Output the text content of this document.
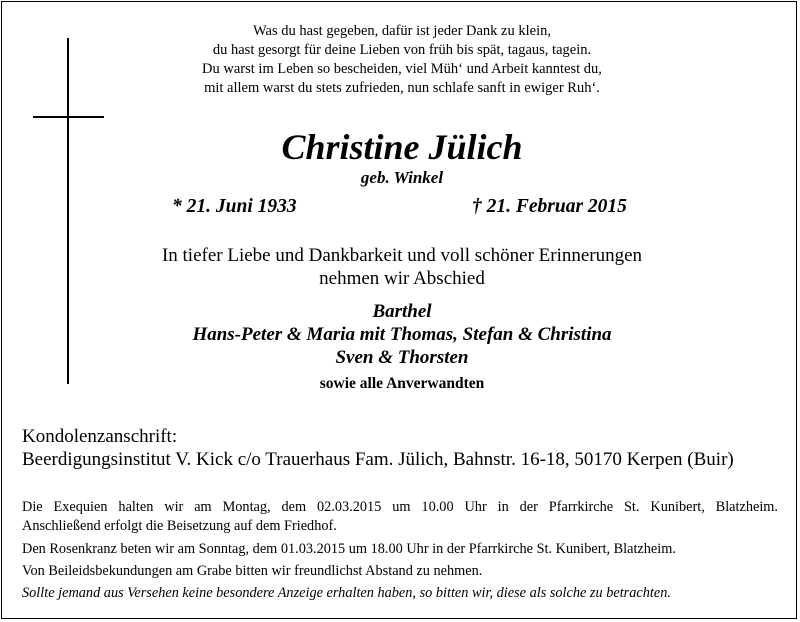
Was du hast gegeben, dafür ist jeder Dank zu klein,
du hast gesorgt für deine Lieben von früh bis spät, tagaus, tagein.
Du warst im Leben so bescheiden, viel Müh‘ und Arbeit kanntest du,
mit allem warst du stets zufrieden, nun schlafe sanft in ewiger Ruh‘.
Christine Jülich
geb. Winkel
* 21. Juni 1933	† 21. Februar 2015
In tiefer Liebe und Dankbarkeit und voll schöner Erinnerungen
nehmen wir Abschied
Barthel
Hans-Peter & Maria mit Thomas, Stefan & Christina
Sven & Thorsten
sowie alle Anverwandten
Kondolenzanschrift:
Beerdigungsinstitut V. Kick c/o Trauerhaus Fam. Jülich, Bahnstr. 16-18, 50170 Kerpen (Buir)
Die Exequien halten wir am Montag, dem 02.03.2015 um 10.00 Uhr in der Pfarrkirche St. Kunibert, Blatzheim.
Anschließend erfolgt die Beisetzung auf dem Friedhof.
Den Rosenkranz beten wir am Sonntag, dem 01.03.2015 um 18.00 Uhr in der Pfarrkirche St. Kunibert, Blatzheim.
Von Beileidsbekundungen am Grabe bitten wir freundlichst Abstand zu nehmen.
Sollte jemand aus Versehen keine besondere Anzeige erhalten haben, so bitten wir, diese als solche zu betrachten.
